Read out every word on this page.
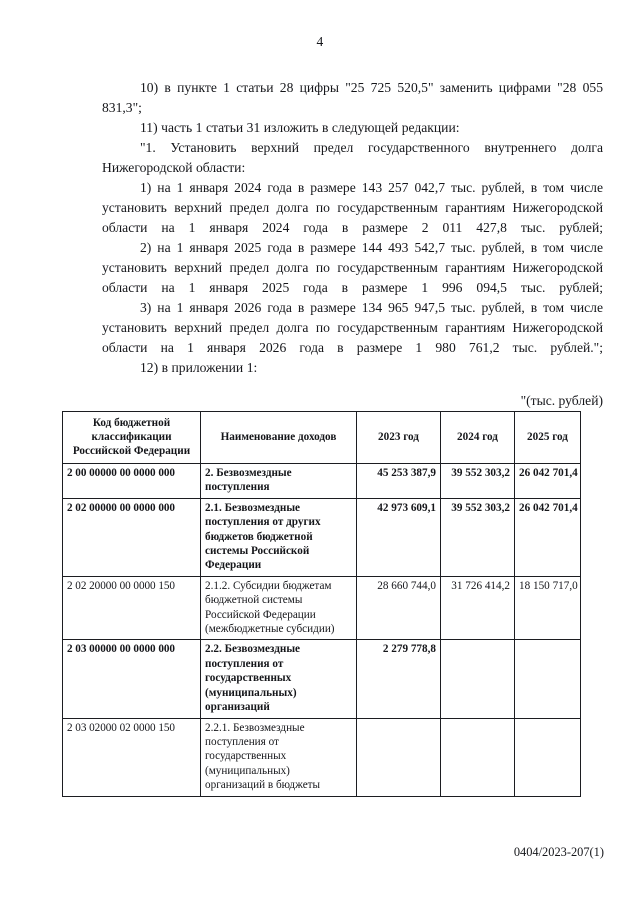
4

10) в пункте 1 статьи 28 цифры "25 725 520,5" заменить цифрами "28 055 831,3";

11) часть 1 статьи 31 изложить в следующей редакции:

"1. Установить верхний предел государственного внутреннего долга Нижегородской области:

1) на 1 января 2024 года в размере 143 257 042,7 тыс. рублей, в том числе установить верхний предел долга по государственным гарантиям Нижегородской области на 1 января 2024 года в размере 2 011 427,8 тыс. рублей;

2) на 1 января 2025 года в размере 144 493 542,7 тыс. рублей, в том числе установить верхний предел долга по государственным гарантиям Нижегородской области на 1 января 2025 года в размере 1 996 094,5 тыс. рублей;

3) на 1 января 2026 года в размере 134 965 947,5 тыс. рублей, в том числе установить верхний предел долга по государственным гарантиям Нижегородской области на 1 января 2026 года в размере 1 980 761,2 тыс. рублей.";

12) в приложении 1:

"(тыс. рублей)
Код бюджетной классификации Российской Федерации	Наименование доходов	2023 год	2024 год	2025 год
2 00 00000 00 0000 000	2. Безвозмездные поступления	45 253 387,9	39 552 303,2	26 042 701,4
2 02 00000 00 0000 000	2.1. Безвозмездные поступления от других бюджетов бюджетной системы Российской Федерации	42 973 609,1	39 552 303,2	26 042 701,4
2 02 20000 00 0000 150	2.1.2. Субсидии бюджетам бюджетной системы Российской Федерации (межбюджетные субсидии)	28 660 744,0	31 726 414,2	18 150 717,0
2 03 00000 00 0000 000	2.2. Безвозмездные поступления от государственных (муниципальных) организаций	2 279 778,8		
2 03 02000 02 0000 150	2.2.1. Безвозмездные поступления от государственных (муниципальных) организаций в бюджеты			
0404/2023-207(1)
